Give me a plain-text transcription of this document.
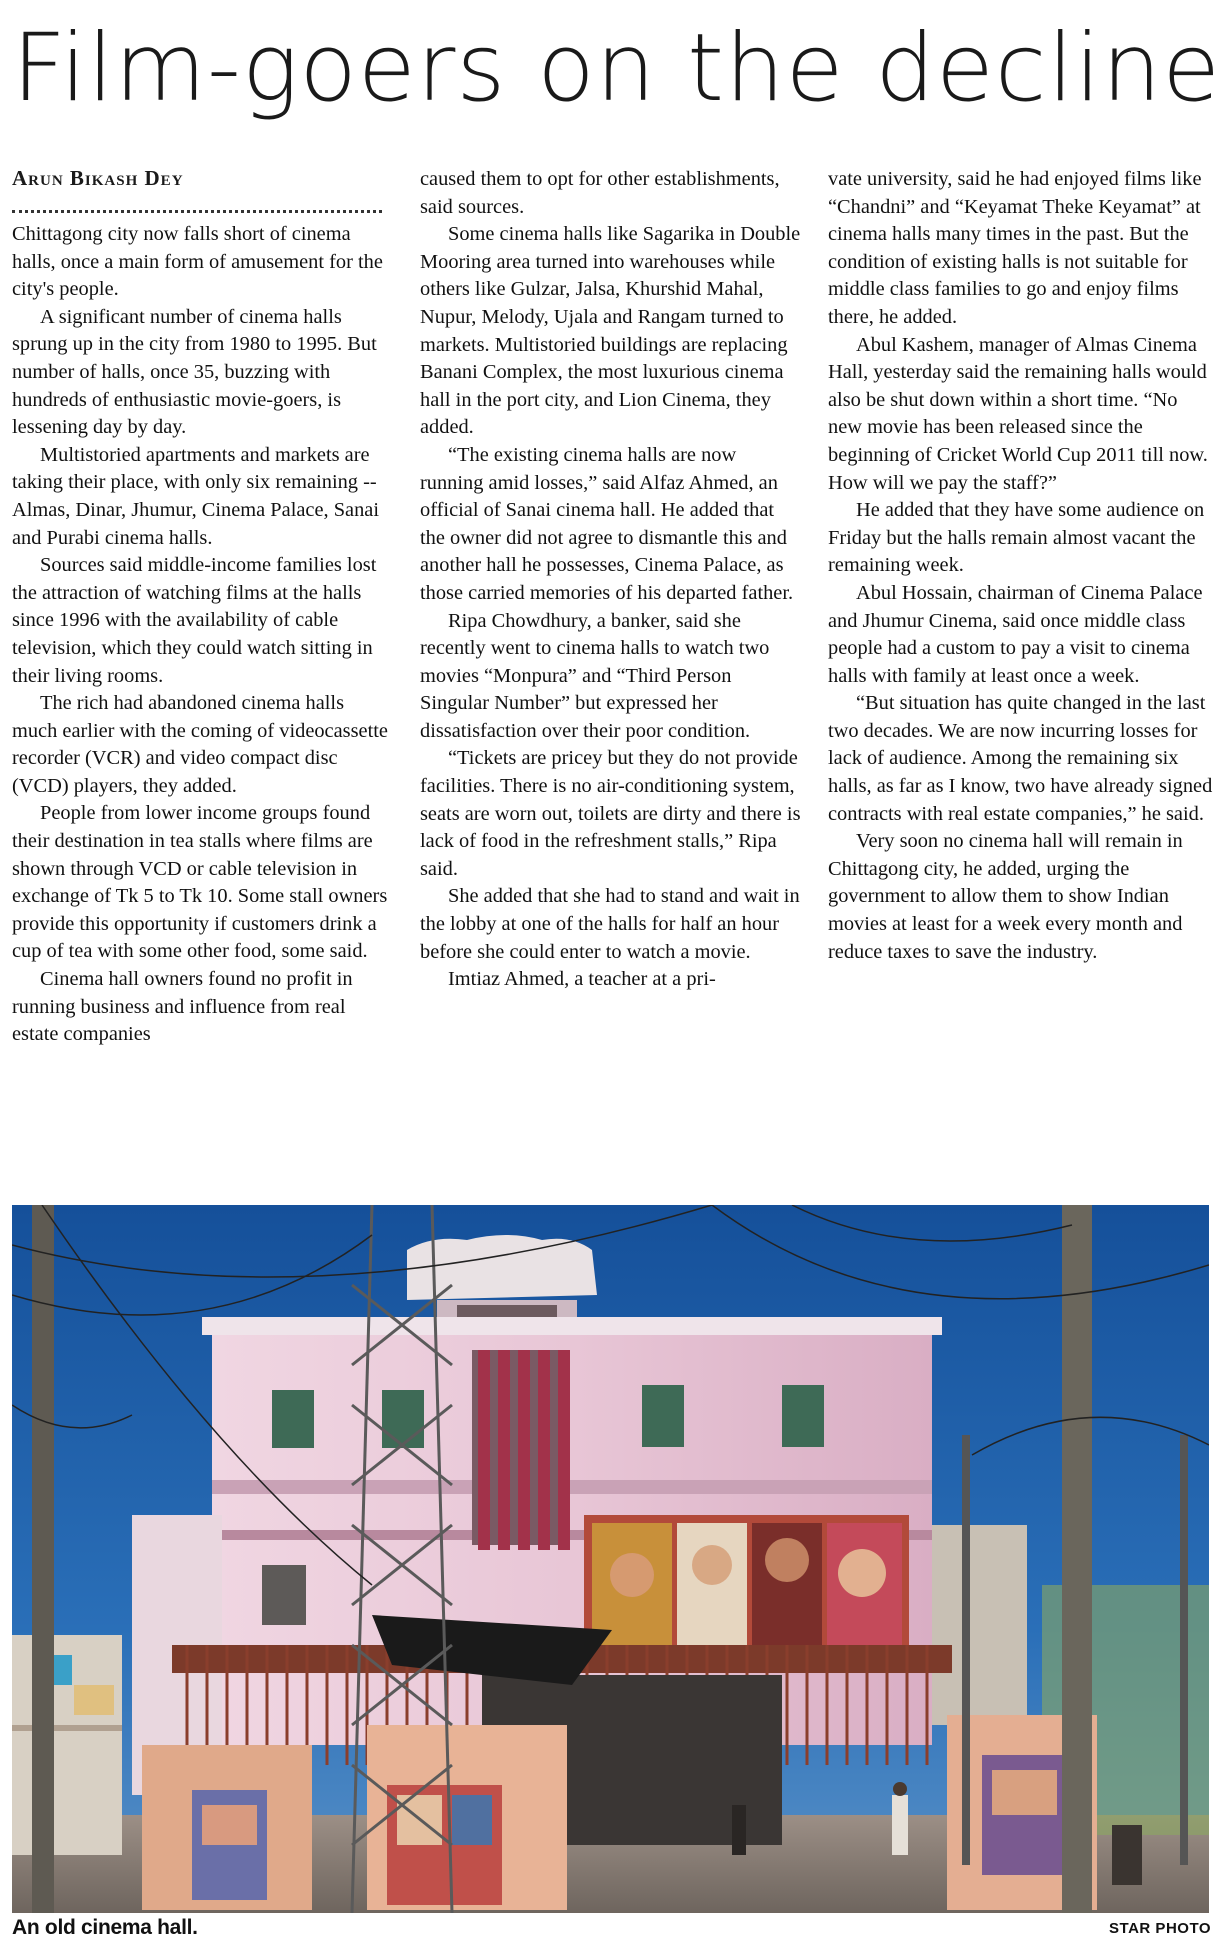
Film-goers on the decline
Arun Bikash Dey

Chittagong city now falls short of cinema halls, once a main form of amusement for the city's people.

A significant number of cinema halls sprung up in the city from 1980 to 1995. But number of halls, once 35, buzzing with hundreds of enthusiastic movie-goers, is lessening day by day.

Multistoried apartments and markets are taking their place, with only six remaining -- Almas, Dinar, Jhumur, Cinema Palace, Sanai and Purabi cinema halls.

Sources said middle-income families lost the attraction of watching films at the halls since 1996 with the availability of cable television, which they could watch sitting in their living rooms.

The rich had abandoned cinema halls much earlier with the coming of videocassette recorder (VCR) and video compact disc (VCD) players, they added.

People from lower income groups found their destination in tea stalls where films are shown through VCD or cable television in exchange of Tk 5 to Tk 10. Some stall owners provide this opportunity if customers drink a cup of tea with some other food, some said.

Cinema hall owners found no profit in running business and influence from real estate companies

caused them to opt for other establishments, said sources.

Some cinema halls like Sagarika in Double Mooring area turned into warehouses while others like Gulzar, Jalsa, Khurshid Mahal, Nupur, Melody, Ujala and Rangam turned to markets. Multistoried buildings are replacing Banani Complex, the most luxurious cinema hall in the port city, and Lion Cinema, they added.

“The existing cinema halls are now running amid losses,” said Alfaz Ahmed, an official of Sanai cinema hall. He added that the owner did not agree to dismantle this and another hall he possesses, Cinema Palace, as those carried memories of his departed father.

Ripa Chowdhury, a banker, said she recently went to cinema halls to watch two movies “Monpura” and “Third Person Singular Number” but expressed her dissatisfaction over their poor condition.

“Tickets are pricey but they do not provide facilities. There is no air-conditioning system, seats are worn out, toilets are dirty and there is lack of food in the refreshment stalls,” Ripa said.

She added that she had to stand and wait in the lobby at one of the halls for half an hour before she could enter to watch a movie.

Imtiaz Ahmed, a teacher at a pri-

vate university, said he had enjoyed films like “Chandni” and “Keyamat Theke Keyamat” at cinema halls many times in the past. But the condition of existing halls is not suitable for middle class families to go and enjoy films there, he added.

Abul Kashem, manager of Almas Cinema Hall, yesterday said the remaining halls would also be shut down within a short time. “No new movie has been released since the beginning of Cricket World Cup 2011 till now. How will we pay the staff?”

He added that they have some audience on Friday but the halls remain almost vacant the remaining week.

Abul Hossain, chairman of Cinema Palace and Jhumur Cinema, said once middle class people had a custom to pay a visit to cinema halls with family at least once a week.

“But situation has quite changed in the last two decades. We are now incurring losses for lack of audience. Among the remaining six halls, as far as I know, two have already signed contracts with real estate companies,” he said.

Very soon no cinema hall will remain in Chittagong city, he added, urging the government to allow them to show Indian movies at least for a week every month and reduce taxes to save the industry.

An old cinema hall.	STAR PHOTO
